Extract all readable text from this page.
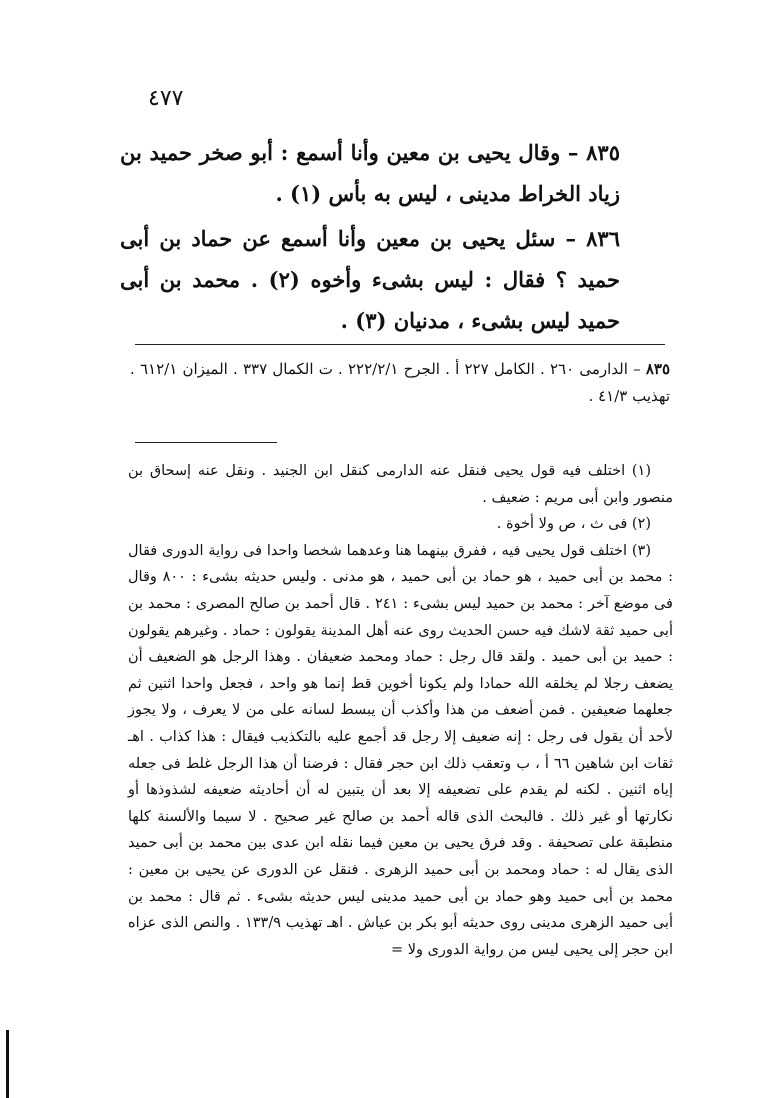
٤٧٧

٨٣٥ – وقال يحيى بن معين وأنا أسمع : أبو صخر حميد بن زياد الخراط مدينى ، ليس به بأس (١) .

٨٣٦ – سئل يحيى بن معين وأنا أسمع عن حماد بن أبى حميد ؟ فقال : ليس بشىء وأخوه (٢) . محمد بن أبى حميد ليس بشىء ، مدنيان (٣) .

٨٣٥ – الدارمى ٢٦٠ . الكامل ٢٢٧ أ . الجرح ٢٢٢/٢/١ . ت الكمال ٣٣٧ . الميزان ٦١٢/١ . تهذيب ٤١/٣ .

(١) اختلف فيه قول يحيى فنقل عنه الدارمى كنقل ابن الجنيد . ونقل عنه إسحاق بن منصور وابن أبى مريم : ضعيف .

(٢) فى ث ، ص ولا أخوة .

(٣) اختلف قول يحيى فيه ، ففرق بينهما هنا وعدهما شخصا واحدا فى رواية الدورى فقال : محمد بن أبى حميد ، هو حماد بن أبى حميد ، هو مدنى . وليس حديثه بشىء : ٨٠٠ وقال فى موضع آخر : محمد بن حميد ليس بشىء : ٢٤١ . قال أحمد بن صالح المصرى : محمد بن أبى حميد ثقة لاشك فيه حسن الحديث روى عنه أهل المدينة يقولون : حماد . وغيرهم يقولون : حميد بن أبى حميد . ولقد قال رجل : حماد ومحمد ضعيفان . وهذا الرجل هو الضعيف أن يضعف رجلا لم يخلقه الله حمادا ولم يكونا أخوين قط إنما هو واحد ، فجعل واحدا اثنين ثم جعلهما ضعيفين . فمن أضعف من هذا وأكذب أن يبسط لسانه على من لا يعرف ، ولا يجوز لأحد أن يقول فى رجل : إنه ضعيف إلا رجل قد أجمع عليه بالتكذيب فيقال : هذا كذاب . اهـ ثقات ابن شاهين ٦٦ أ ، ب وتعقب ذلك ابن حجر فقال : فرضنا أن هذا الرجل غلط فى جعله إياه اثنين . لكنه لم يقدم على تضعيفه إلا بعد أن يتبين له أن أحاديثه ضعيفه لشذوذها أو نكارتها أو غير ذلك . فالبحث الذى قاله أحمد بن صالح غير صحيح . لا سيما والألسنة كلها منطبقة على تصحيفة . وقد فرق يحيى بن معين فيما نقله ابن عدى بين محمد بن أبى حميد الذى يقال له : حماد ومحمد بن أبى حميد الزهرى . فنقل عن الدورى عن يحيى بن معين : محمد بن أبى حميد وهو حماد بن أبى حميد مدينى ليس حديثه بشىء . ثم قال : محمد بن أبى حميد الزهرى مدينى روى حديثه أبو بكر بن عياش . اهـ تهذيب ١٣٣/٩ . والنص الذى عزاه ابن حجر إلى يحيى ليس من رواية الدورى ولا =
